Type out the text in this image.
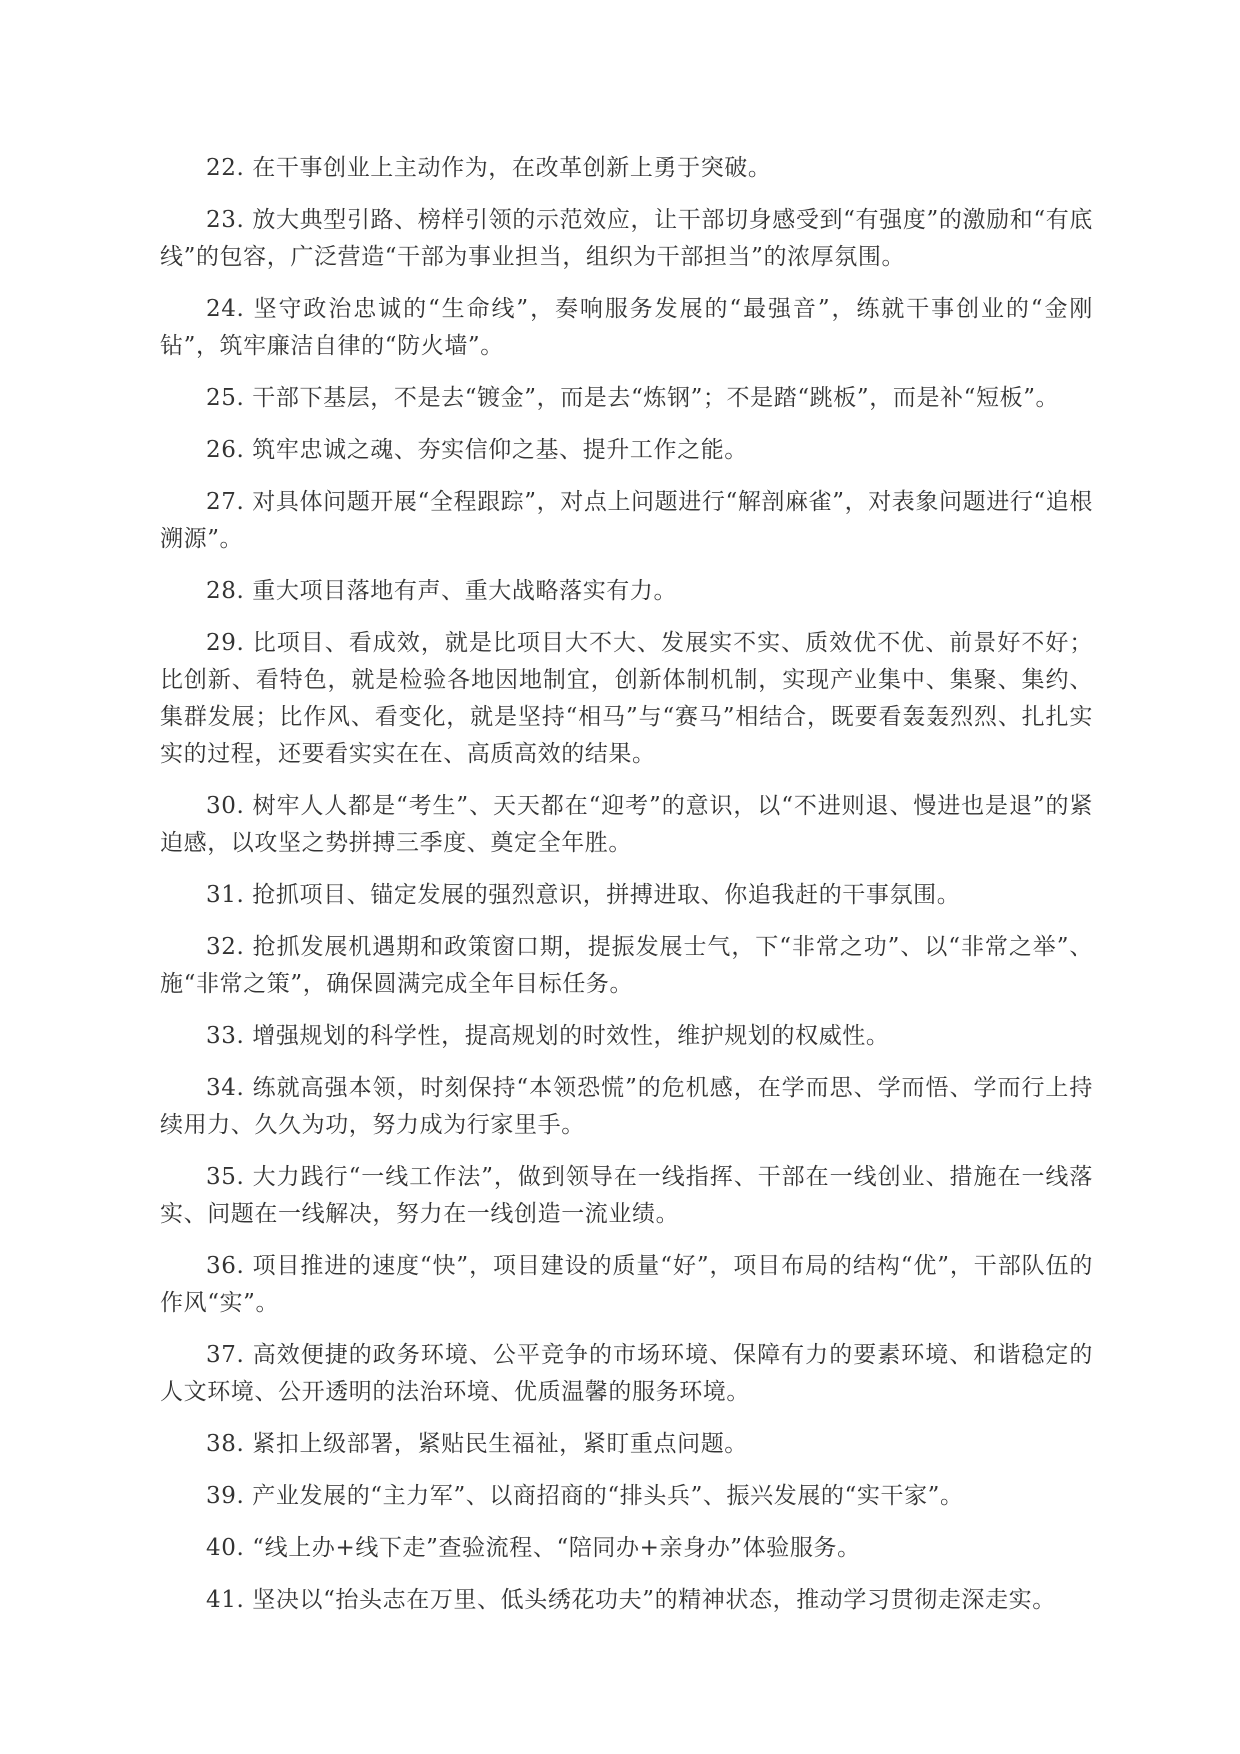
22. 在干事创业上主动作为，在改革创新上勇于突破。

23. 放大典型引路、榜样引领的示范效应，让干部切身感受到“有强度”的激励和“有底线”的包容，广泛营造“干部为事业担当，组织为干部担当”的浓厚氛围。

24. 坚守政治忠诚的“生命线”，奏响服务发展的“最强音”，练就干事创业的“金刚钻”，筑牢廉洁自律的“防火墙”。

25. 干部下基层，不是去“镀金”，而是去“炼钢”；不是踏“跳板”，而是补“短板”。

26. 筑牢忠诚之魂、夯实信仰之基、提升工作之能。

27. 对具体问题开展“全程跟踪”，对点上问题进行“解剖麻雀”，对表象问题进行“追根溯源”。

28. 重大项目落地有声、重大战略落实有力。

29. 比项目、看成效，就是比项目大不大、发展实不实、质效优不优、前景好不好；比创新、看特色，就是检验各地因地制宜，创新体制机制，实现产业集中、集聚、集约、集群发展；比作风、看变化，就是坚持“相马”与“赛马”相结合，既要看轰轰烈烈、扎扎实实的过程，还要看实实在在、高质高效的结果。

30. 树牢人人都是“考生”、天天都在“迎考”的意识，以“不进则退、慢进也是退”的紧迫感，以攻坚之势拼搏三季度、奠定全年胜。

31. 抢抓项目、锚定发展的强烈意识，拼搏进取、你追我赶的干事氛围。

32. 抢抓发展机遇期和政策窗口期，提振发展士气，下“非常之功”、以“非常之举”、施“非常之策”，确保圆满完成全年目标任务。

33. 增强规划的科学性，提高规划的时效性，维护规划的权威性。

34. 练就高强本领，时刻保持“本领恐慌”的危机感，在学而思、学而悟、学而行上持续用力、久久为功，努力成为行家里手。

35. 大力践行“一线工作法”，做到领导在一线指挥、干部在一线创业、措施在一线落实、问题在一线解决，努力在一线创造一流业绩。

36. 项目推进的速度“快”，项目建设的质量“好”，项目布局的结构“优”，干部队伍的作风“实”。

37. 高效便捷的政务环境、公平竞争的市场环境、保障有力的要素环境、和谐稳定的人文环境、公开透明的法治环境、优质温馨的服务环境。

38. 紧扣上级部署，紧贴民生福祉，紧盯重点问题。

39. 产业发展的“主力军”、以商招商的“排头兵”、振兴发展的“实干家”。

40. “线上办+线下走”查验流程、“陪同办+亲身办”体验服务。

41. 坚决以“抬头志在万里、低头绣花功夫”的精神状态，推动学习贯彻走深走实。
